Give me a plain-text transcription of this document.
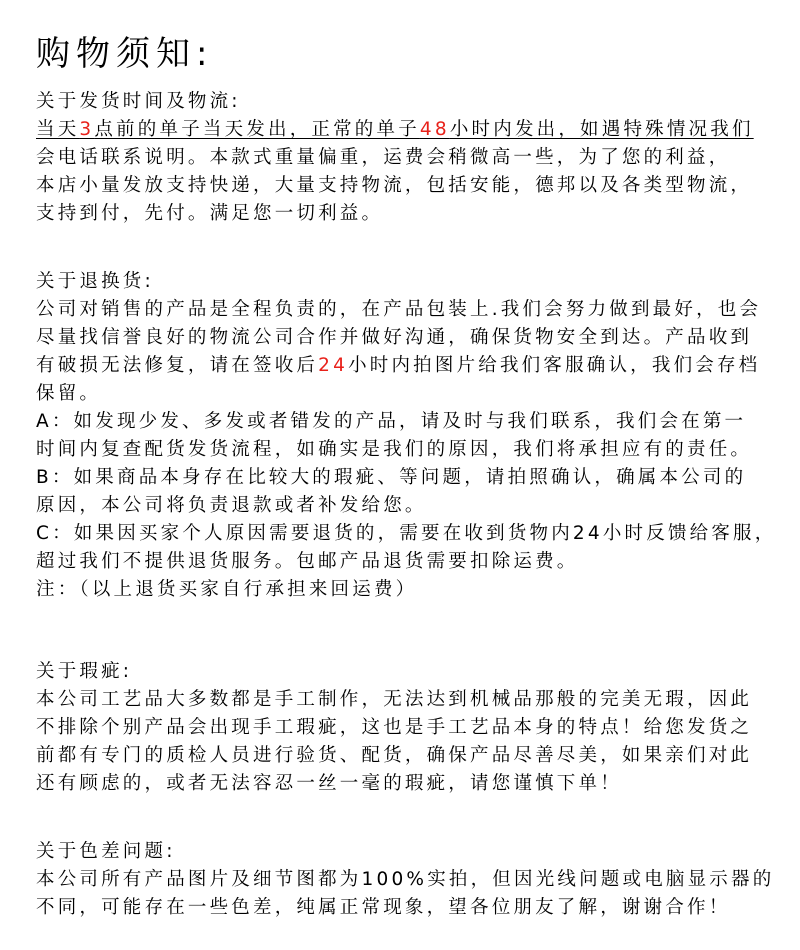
购物须知:
关于发货时间及物流:
当天3点前的单子当天发出，正常的单子48小时内发出，如遇特殊情况我们
会电话联系说明。本款式重量偏重，运费会稍微高一些，为了您的利益，
本店小量发放支持快递，大量支持物流，包括安能，德邦以及各类型物流，
支持到付，先付。满足您一切利益。
关于退换货:
公司对销售的产品是全程负责的，在产品包装上.我们会努力做到最好，也会
尽量找信誉良好的物流公司合作并做好沟通，确保货物安全到达。产品收到
有破损无法修复，请在签收后24小时内拍图片给我们客服确认，我们会存档
保留。
A：如发现少发、多发或者错发的产品，请及时与我们联系，我们会在第一
时间内复查配货发货流程，如确实是我们的原因，我们将承担应有的责任。
B：如果商品本身存在比较大的瑕疵、等问题，请拍照确认，确属本公司的
原因，本公司将负责退款或者补发给您。
C：如果因买家个人原因需要退货的，需要在收到货物内24小时反馈给客服，
超过我们不提供退货服务。包邮产品退货需要扣除运费。
注：（以上退货买家自行承担来回运费）
关于瑕疵:
本公司工艺品大多数都是手工制作，无法达到机械品那般的完美无瑕，因此
不排除个别产品会出现手工瑕疵，这也是手工艺品本身的特点！给您发货之
前都有专门的质检人员进行验货、配货，确保产品尽善尽美，如果亲们对此
还有顾虑的，或者无法容忍一丝一毫的瑕疵，请您谨慎下单！
关于色差问题:
本公司所有产品图片及细节图都为100%实拍，但因光线问题或电脑显示器的
不同，可能存在一些色差，纯属正常现象，望各位朋友了解，谢谢合作！
